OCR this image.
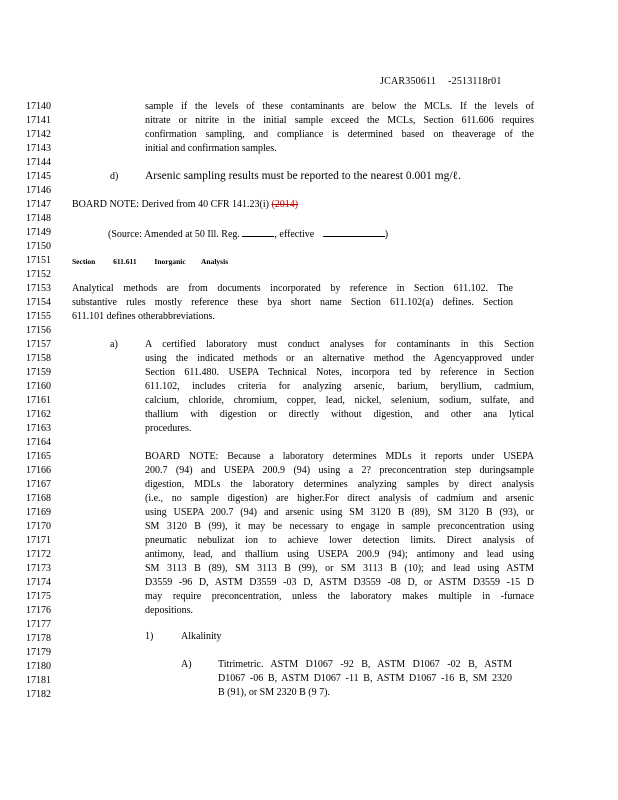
JCAR350611 -2513118r01
17140
17141
17142
17143
17144
17145
17146
17147
17148
17149
17150
17151
17152
17153
17154
17155
17156
17157
17158
17159
17160
17161
17162
17163
17164
17165
17166
17167
17168
17169
17170
17171
17172
17173
17174
17175
17176
17177
17178
17179
17180
17181
17182
sample if the levels of these contaminants are below the MCLs. If the levels of
nitrate or nitrite in the initial sample exceed the MCLs, Section 611.606 requires
confirmation sampling, and compliance is determined based on theaverage of the
initial and confirmation samples.
d) Arsenic sampling results must be reported to the nearest 0.001 mg/ℓ.
BOARD NOTE: Derived from 40 CFR 141.23(i) (2014)
(Source: Amended at 50 Ill. Reg.	, effective	)
Section 611.611 Inorganic Analysis
Analytical methods are from documents incorporated by reference in Section 611.102. The
substantive rules mostly reference these bya short name Section 611.102(a) defines. Section
611.101 defines otherabbreviations.
a)	A certified laboratory must conduct analyses for contaminants in this Section
using the indicated methods or an alternative method the Agencyapproved under
Section 611.480. USEPA Technical Notes, incorpora ted by reference in Section
611.102, includes criteria for analyzing arsenic, barium, beryllium, cadmium,
calcium, chloride, chromium, copper, lead, nickel, selenium, sodium, sulfate, and
thallium with digestion or directly without digestion, and other ana lytical
procedures.
BOARD NOTE: Because a laboratory determines MDLs it reports under USEPA
200.7 (94) and USEPA 200.9 (94) using a 2? preconcentration step duringsample
digestion, MDLs the laboratory determines analyzing samples by direct analysis
(i.e., no sample digestion) are higher.For direct analysis of cadmium and arsenic
using USEPA 200.7 (94) and arsenic using SM 3120 B (89), SM 3120 B (93), or
SM 3120 B (99), it may be necessary to engage in sample preconcentration using
pneumatic nebulizat ion to achieve lower detection limits. Direct analysis of
antimony, lead, and thallium using USEPA 200.9 (94); antimony and lead using
SM 3113 B (89), SM 3113 B (99), or SM 3113 B (10); and lead using ASTM
D3559 -96 D, ASTM D3559 -03 D, ASTM D3559 -08 D, or ASTM D3559 -15 D
may require preconcentration, unless the laboratory makes multiple in -furnace
depositions.
1)	Alkalinity
A)	Titrimetric. ASTM D1067 -92 B, ASTM D1067 -02 B, ASTM
D1067 -06 B, ASTM D1067 -11 B, ASTM D1067 -16 B, SM 2320
B (91), or SM 2320 B (9 7).
